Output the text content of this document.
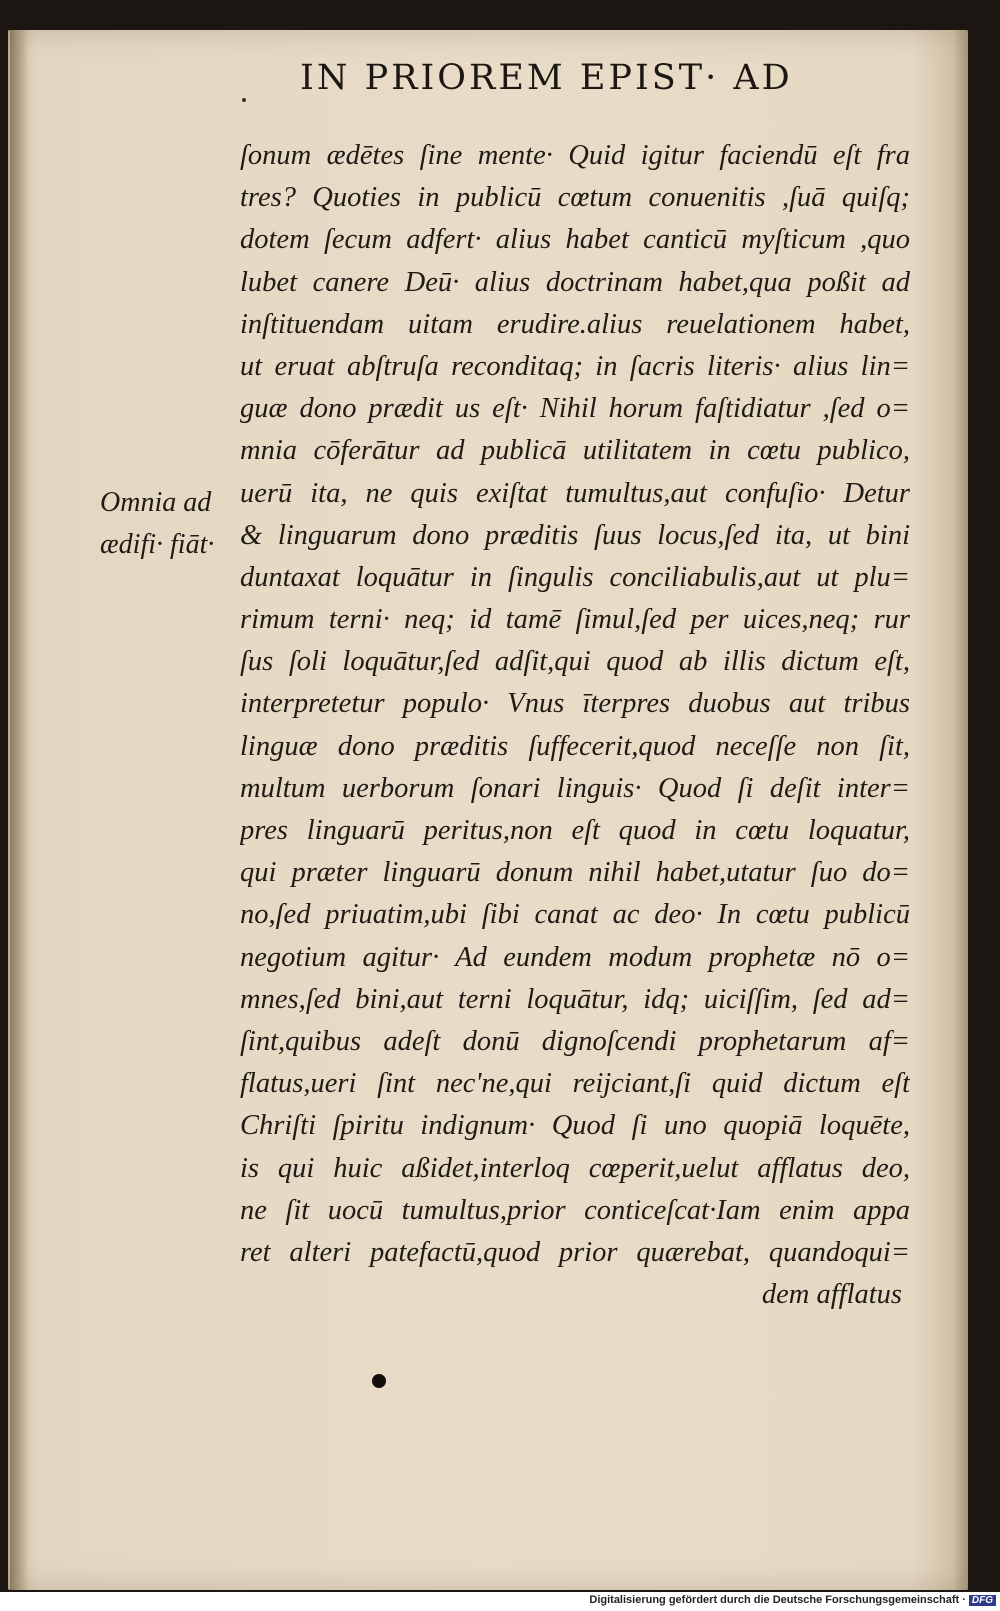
IN PRIOREM EPIST· AD
Omnia ad
ædifi· fiāt·
ſonum ædētes ſine mente· Quid igitur faciendū eſt fra
tres? Quoties in publicū cœtum conuenitis ,ſuā quiſq;
dotem ſecum adfert· alius habet canticū myſticum ,quo
lubet canere Deū· alius doctrinam habet,qua poßit ad
inſtituendam uitam erudire.alius reuelationem habet,
ut eruat abſtruſa reconditaq; in ſacris literis· alius lin=
guæ dono prædit us eſt· Nihil horum faſtidiatur ,ſed o=
mnia cōferātur ad publicā utilitatem in cœtu publico,
uerū ita, ne quis exiſtat tumultus,aut confuſio· Detur
& linguarum dono præditis ſuus locus,ſed ita, ut bini
duntaxat loquātur in ſingulis conciliabulis,aut ut plu=
rimum terni· neq; id tamē ſimul,ſed per uices,neq; rur
ſus ſoli loquātur,ſed adſit,qui quod ab illis dictum eſt,
interpretetur populo· Vnus īterpres duobus aut tribus
linguæ dono præditis ſuffecerit,quod neceſſe non ſit,
multum uerborum ſonari linguis· Quod ſi deſit inter=
pres linguarū peritus,non eſt quod in cœtu loquatur,
qui præter linguarū donum nihil habet,utatur ſuo do=
no,ſed priuatim,ubi ſibi canat ac deo· In cœtu publicū
negotium agitur· Ad eundem modum prophetæ nō o=
mnes,ſed bini,aut terni loquātur, idq; uiciſſim, ſed ad=
ſint,quibus adeſt donū dignoſcendi prophetarum af=
flatus,ueri ſint nec'ne,qui reijciant,ſi quid dictum eſt
Chriſti ſpiritu indignum· Quod ſi uno quopiā loquēte,
is qui huic aßidet,interloq cœperit,uelut afflatus deo,
ne ſit uocū tumultus,prior conticeſcat·Iam enim appa
ret alteri patefactū,quod prior quærebat, quandoqui=
dem afflatus
Digitalisierung gefördert durch die Deutsche Forschungsgemeinschaft · DFG
